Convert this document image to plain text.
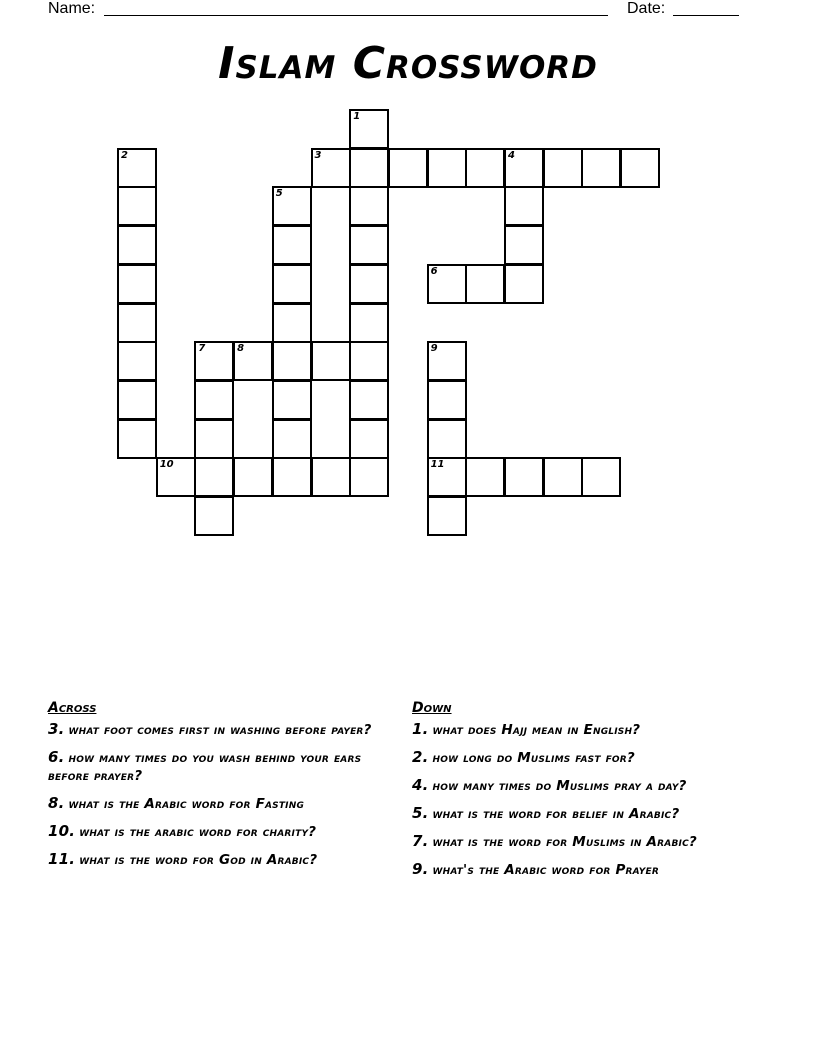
Name:	Date:
Islam Crossword
1
2	3	4
5
6
7	8	9
10	11
Across
3. what foot comes first in washing before payer?
6. how many times do you wash behind your ears before prayer?
8. what is the Arabic word for Fasting
10. what is the arabic word for charity?
11. what is the word for God in Arabic?
Down
1. what does Hajj mean in English?
2. how long do Muslims fast for?
4. how many times do Muslims pray a day?
5. what is the word for belief in Arabic?
7. what is the word for Muslims in Arabic?
9. what's the Arabic word for Prayer
